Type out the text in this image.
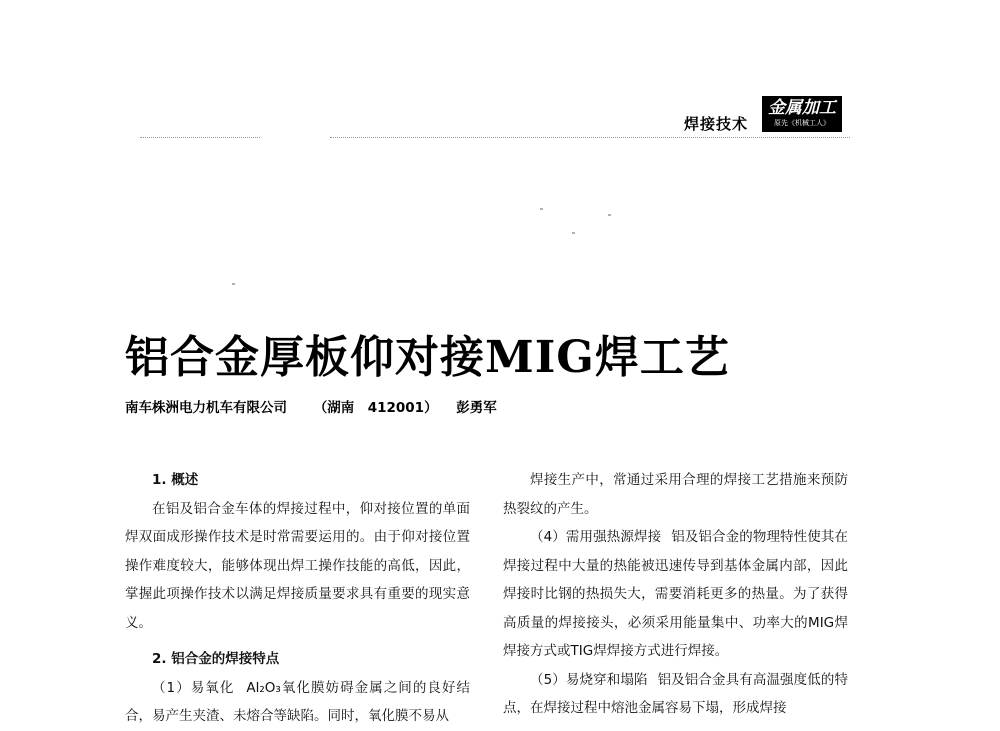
焊接技术
金属加工
原先《机械工人》
铝合金厚板仰对接MIG焊工艺
南车株洲电力机车有限公司 （湖南　412001） 彭勇军

1. 概述

在铝及铝合金车体的焊接过程中，仰对接位置的单面焊双面成形操作技术是时常需要运用的。由于仰对接位置操作难度较大，能够体现出焊工操作技能的高低，因此，掌握此项操作技术以满足焊接质量要求具有重要的现实意义。

2. 铝合金的焊接特点

（1）易氧化 Al₂O₃氧化膜妨碍金属之间的良好结合，易产生夹渣、未熔合等缺陷。同时，氧化膜不易从

焊接生产中，常通过采用合理的焊接工艺措施来预防热裂纹的产生。

（4）需用强热源焊接 铝及铝合金的物理特性使其在焊接过程中大量的热能被迅速传导到基体金属内部，因此焊接时比钢的热损失大，需要消耗更多的热量。为了获得高质量的焊接接头，必须采用能量集中、功率大的MIG焊焊接方式或TIG焊焊接方式进行焊接。

（5）易烧穿和塌陷 铝及铝合金具有高温强度低的特点，在焊接过程中熔池金属容易下塌，形成焊接
